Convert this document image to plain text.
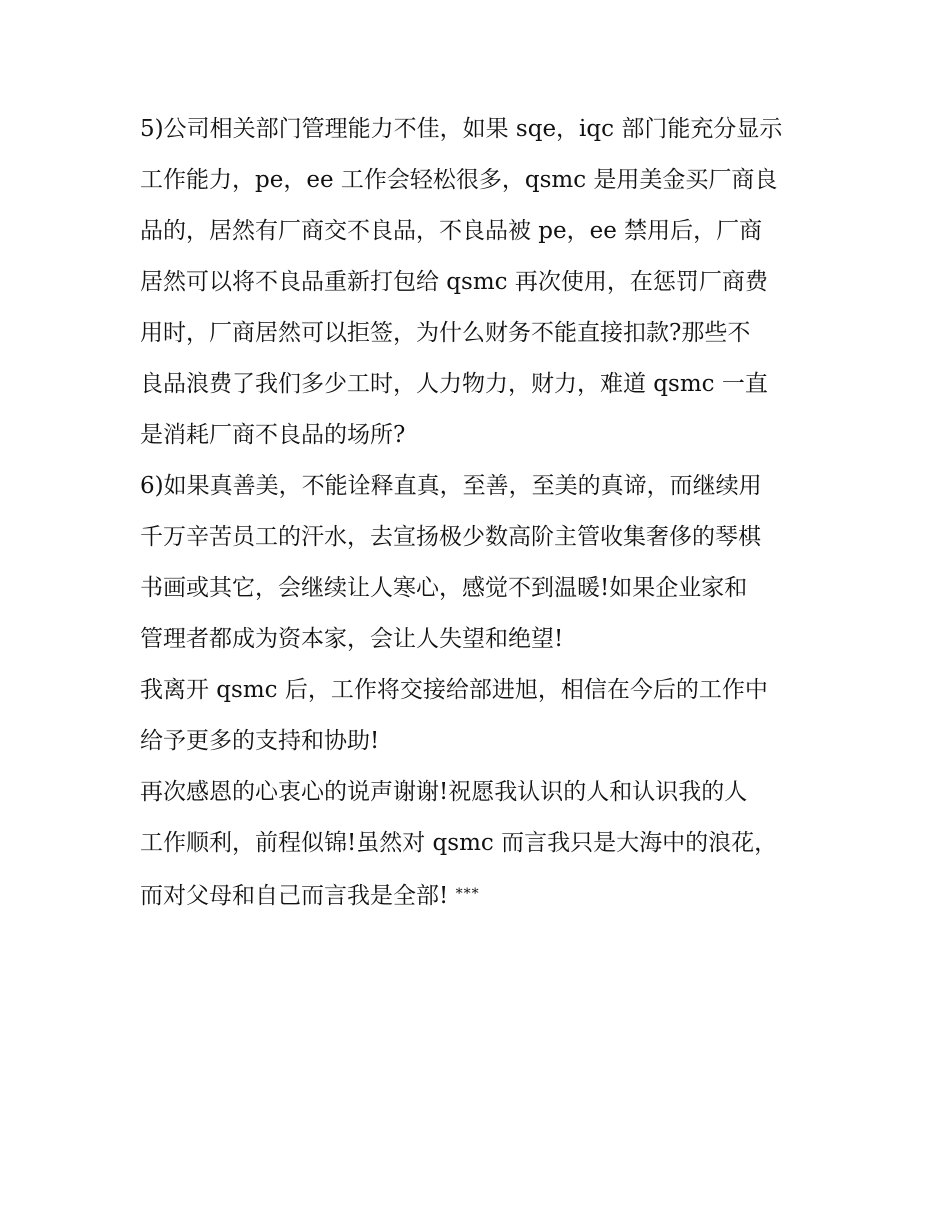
5)公司相关部门管理能力不佳，如果 sqe，iqc 部门能充分显示
工作能力，pe，ee 工作会轻松很多，qsmc 是用美金买厂商良
品的，居然有厂商交不良品，不良品被 pe，ee 禁用后，厂商
居然可以将不良品重新打包给 qsmc 再次使用，在惩罚厂商费
用时，厂商居然可以拒签，为什么财务不能直接扣款?那些不
良品浪费了我们多少工时，人力物力，财力，难道 qsmc 一直
是消耗厂商不良品的场所?

6)如果真善美，不能诠释直真，至善，至美的真谛，而继续用
千万辛苦员工的汗水，去宣扬极少数高阶主管收集奢侈的琴棋
书画或其它，会继续让人寒心，感觉不到温暖!如果企业家和
管理者都成为资本家，会让人失望和绝望!

我离开 qsmc 后，工作将交接给部进旭，相信在今后的工作中
给予更多的支持和协助!

再次感恩的心衷心的说声谢谢!祝愿我认识的人和认识我的人
工作顺利，前程似锦!虽然对 qsmc 而言我只是大海中的浪花，
而对父母和自己而言我是全部! ***
